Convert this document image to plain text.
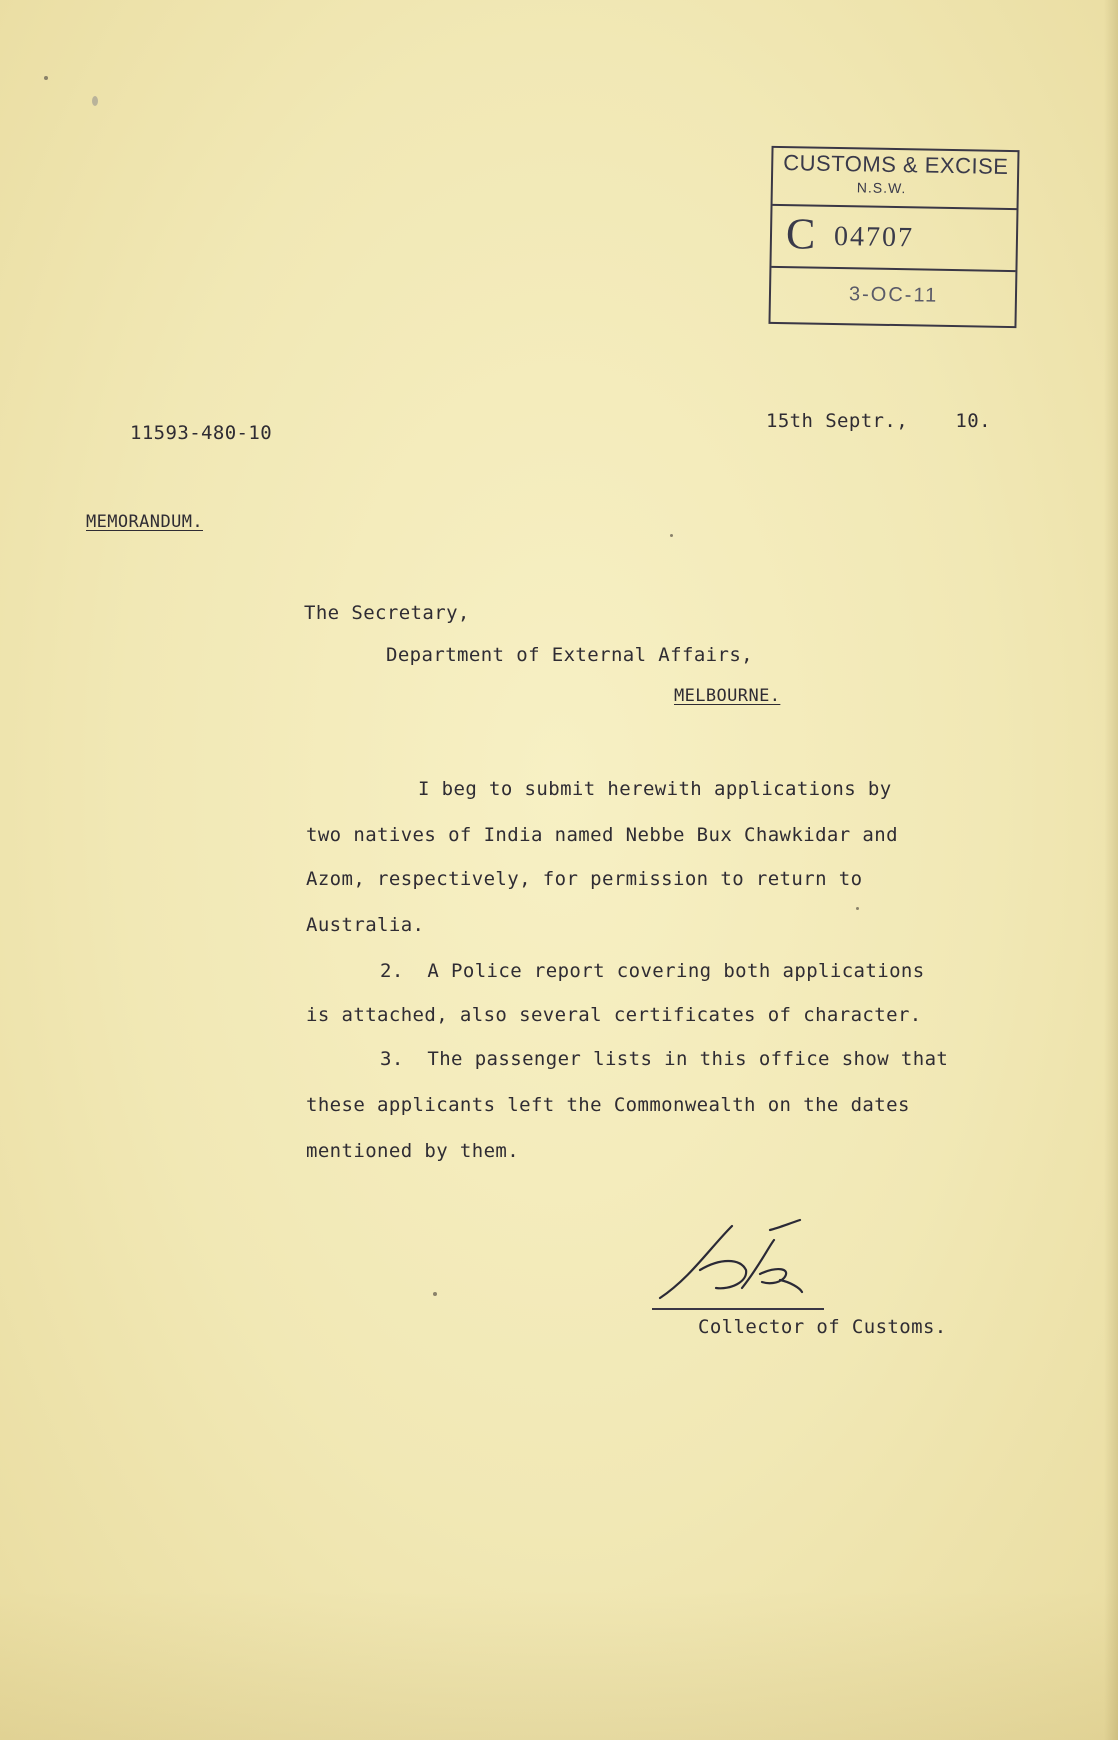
CUSTOMS & EXCISE
N.S.W.
C 04707
3-OC-11
11593-480-10
15th Septr.,    10.
MEMORANDUM.
The Secretary,
Department of External Affairs,
MELBOURNE.
I beg to submit herewith applications by
two natives of India named Nebbe Bux Chawkidar and
Azom, respectively, for permission to return to
Australia.
2.  A Police report covering both applications
is attached, also several certificates of character.
3.  The passenger lists in this office show that
these applicants left the Commonwealth on the dates
mentioned by them.
Collector of Customs.
